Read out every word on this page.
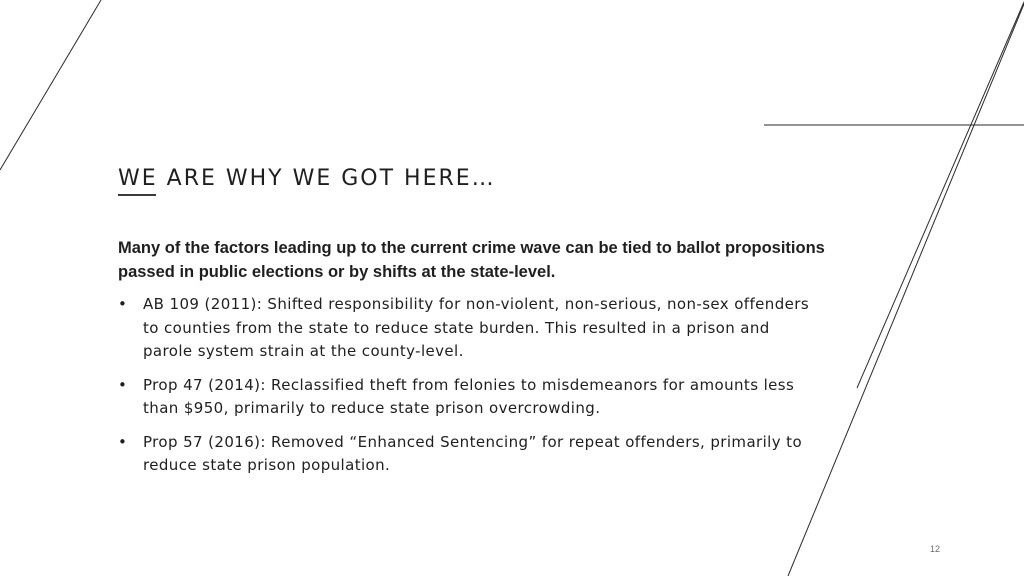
WE ARE WHY WE GOT HERE…

Many of the factors leading up to the current crime wave can be tied to ballot propositions passed in public elections or by shifts at the state-level.

• AB 109 (2011): Shifted responsibility for non-violent, non-serious, non-sex offenders to counties from the state to reduce state burden. This resulted in a prison and parole system strain at the county-level.
• Prop 47 (2014): Reclassified theft from felonies to misdemeanors for amounts less than $950, primarily to reduce state prison overcrowding.
• Prop 57 (2016): Removed “Enhanced Sentencing” for repeat offenders, primarily to reduce state prison population.
12
